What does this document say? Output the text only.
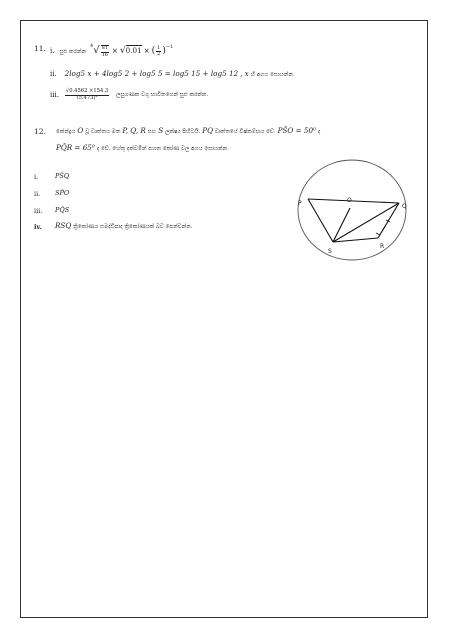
11. i. සුළු කරන්න $^4√ \frac{81}{16} \times √0.01$ × ( $\frac{1}{2} )^{-1}$
ii. 2log5 x + 4log5 2 + log5 5 = log5 15 + log5 12 , x හි අගය සොයන්න.
iii. $\frac{√0.4562 \times 154.3}{\text{(5.473)²}}$ ලඝුගණක වගු භාවිතයෙන් සුළු කරන්න.
12. කේන්ද්‍රය O වූ වෘත්තය මත P, Q, R සහ S ලක්ෂ්‍ය පිහිටයි. PQ වෘත්තයේ විෂ්කම්භය වේ. PŜO = 50⁰ ද
PQ̂R = 65⁰ ද වේ. හේතු දක්වමින් පහත කෝණ වල අගය සොයන්න.
i.	PŜQ
ii. SP̂O
iii. PQ̂S
iv. RSQ ත්‍රිකෝණය සමද්විපාද ත්‍රිකෝණයක් බව පෙන්වන්න.
P	Q
O
S
R
